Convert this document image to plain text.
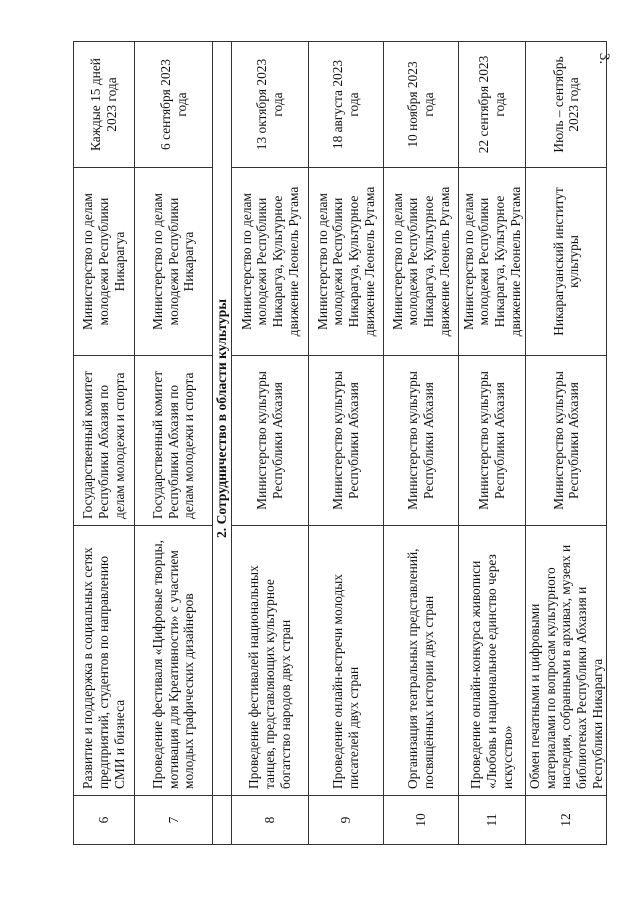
3.
6	Развитие и поддержка в социальных сетях предприятий, студентов по направлению СМИ и бизнеса	Государственный комитет Республики Абхазия по делам молодежи и спорта	Министерство по делам молодежи Республики Никарагуа	Каждые 15 дней 2023 года
7	Проведение фестиваля «Цифровые творцы, мотивация для Креативности» с участием молодых графических дизайнеров	Государственный комитет Республики Абхазия по делам молодежи и спорта	Министерство по делам молодежи Республики Никарагуа	6 сентября 2023 года
	2. Сотрудничество в области культуры			
8	Проведение фестивалей национальных танцев, представляющих культурное богатство народов двух стран	Министерство культуры Республики Абхазия	Министерство по делам молодежи Республики Никарагуа, Культурное движение Леонель Ругама	13 октября 2023 года
9	Проведение онлайн-встречи молодых писателей двух стран	Министерство культуры Республики Абхазия	Министерство по делам молодежи Республики Никарагуа, Культурное движение Леонель Ругама	18 августа 2023 года
10	Организация театральных представлений, посвящённых истории двух стран	Министерство культуры Республики Абхазия	Министерство по делам молодежи Республики Никарагуа, Культурное движение Леонель Ругама	10 ноября 2023 года
11	Проведение онлайн-конкурса живописи «Любовь и национальное единство через искусство»	Министерство культуры Республики Абхазия	Министерство по делам молодежи Республики Никарагуа, Культурное движение Леонель Ругама	22 сентября 2023 года
12	Обмен печатными и цифровыми материалами по вопросам культурного наследия, собранными в архивах, музеях и библиотеках Республики Абхазия и Республики Никарагуа	Министерство культуры Республики Абхазия	Никарагуанский институт культуры	Июль – сентябрь 2023 года
